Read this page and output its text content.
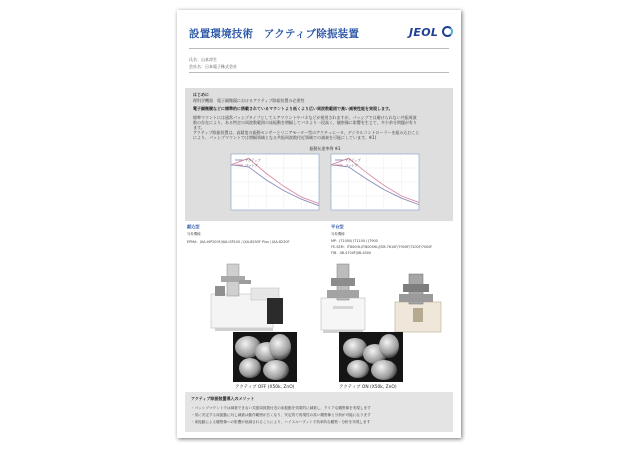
設置環境技術　アクティブ除振装置	JEOL
氏名：山本淳生
会社名：日本電子株式会社
はじめに
理科学機器　電子顕微鏡におけるアクティブ除振装置の必要性
電子顕微鏡などに標準的に搭載されているマウントより低くより広い周波数範囲で高い減衰性能を実現します。
標準マウントには通常パッシブタイプとしてエアマウントやバネなどが使用されますが、パッシブでは避けられない共振周波
数の存在により、ある特定の周波数範囲の床振動を増幅してバネより一段高く、観察像に影響を生じて、多少余分問題が有り
ます。
アクティブ除振装置は、高精度の振動センサーとリニアモーター型のアクチュエータ、デジタルコントローラーを組み込むこと
により、パッシブマウントでは増幅領域となる共振周波数付近領域での減衰を可能にしています。※1)
振動伝達率例 ※1
アクティブ
パッシブ
アクティブ
パッシブ
縦込型
対象機種
EPMA：JXA-iHP200F/JXA-iSP100 / JXA-8530F Plus / JXA-8230F
平台型
対象機種
MP：JT1000/ JT1100 / JT900
FE-SEM：IT800HL/IT800SHL/JSM-7610F/7900F/7200F/7000F
FIB：JIB-4700F/JIB-4000
アクティブ OFF (X50k, ZnO)	アクティブ ON (X50k, ZnO)
アクティブ除振装置導入のメリット
・パッシブマウントでは減衰できない共振周波数付近の床振動を効果的に減衰し、クリアな観察像を実現します
・常に安定する床振動に対し減衰は動作範囲が広くなり、安定的で再現性の高い観察像と分析が可能になります
・床振動による観察像への影響が低減されることにより、ハイスループットで効率的な観察・分析を実現します
